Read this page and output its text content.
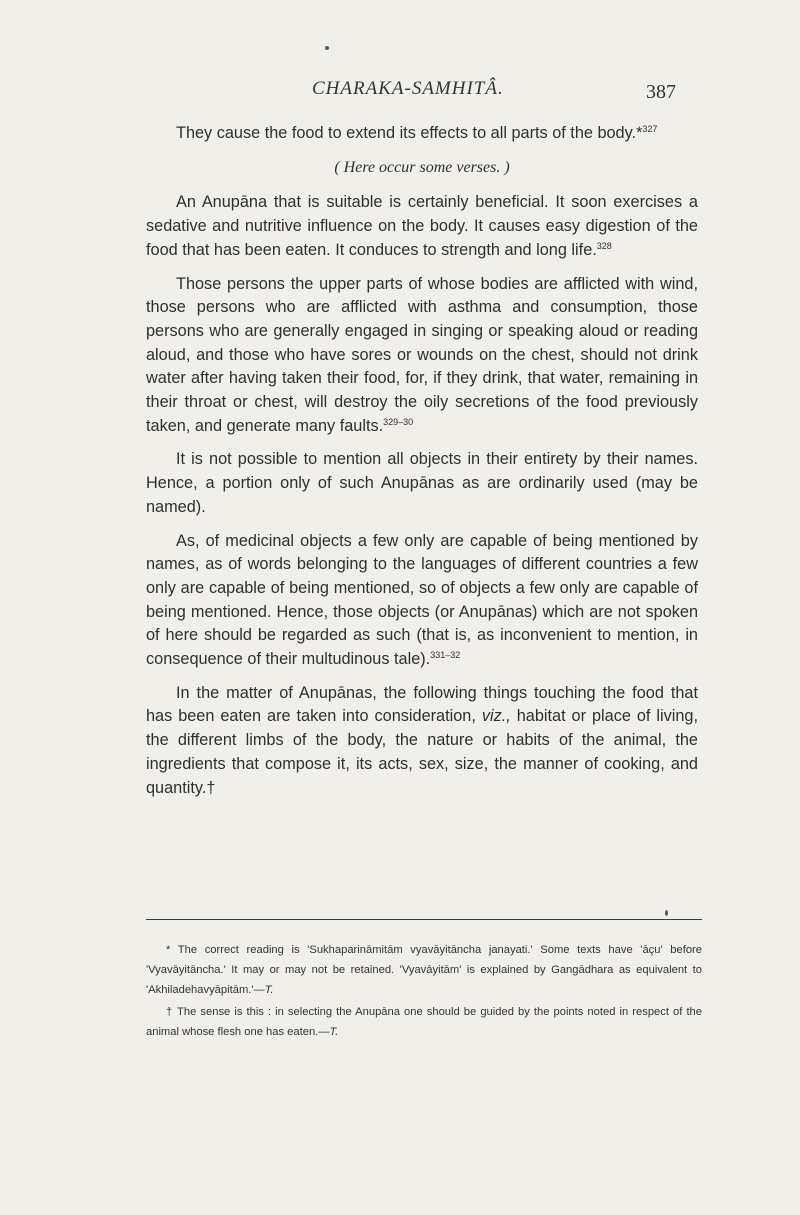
CHARAKA-SAMHITÂ.	387

They cause the food to extend its effects to all parts of the body.*$^{327}$

( Here occur some verses. )

An Anupāna that is suitable is certainly beneficial. It soon exercises a sedative and nutritive influence on the body. It causes easy digestion of the food that has been eaten. It conduces to strength and long life.$^{328}$

Those persons the upper parts of whose bodies are afflicted with wind, those persons who are afflicted with asthma and consumption, those persons who are generally engaged in singing or speaking aloud or reading aloud, and those who have sores or wounds on the chest, should not drink water after having taken their food, for, if they drink, that water, remaining in their throat or chest, will destroy the oily secretions of the food previously taken, and generate many faults.$^{329-30}$

It is not possible to mention all objects in their entirety by their names. Hence, a portion only of such Anupānas as are ordinarily used (may be named).

As, of medicinal objects a few only are capable of being mentioned by names, as of words belonging to the languages of different countries a few only are capable of being mentioned, so of objects a few only are capable of being mentioned. Hence, those objects (or Anupānas) which are not spoken of here should be regarded as such (that is, as inconvenient to mention, in consequence of their multudinous tale).$^{331-32}$

In the matter of Anupānas, the following things touching the food that has been eaten are taken into consideration, viz., habitat or place of living, the different limbs of the body, the nature or habits of the animal, the ingredients that compose it, its acts, sex, size, the manner of cooking, and quantity.†

* The correct reading is 'Sukhaparināmitām vyavāyitāncha janayati.' Some texts have 'āçu' before 'Vyavāyitāncha.' It may or may not be retained. 'Vyavāyitām' is explained by Gangādhara as equivalent to 'Akhiladehavyāpitām.'—T.

† The sense is this : in selecting the Anupāna one should be guided by the points noted in respect of the animal whose flesh one has eaten.—T.
